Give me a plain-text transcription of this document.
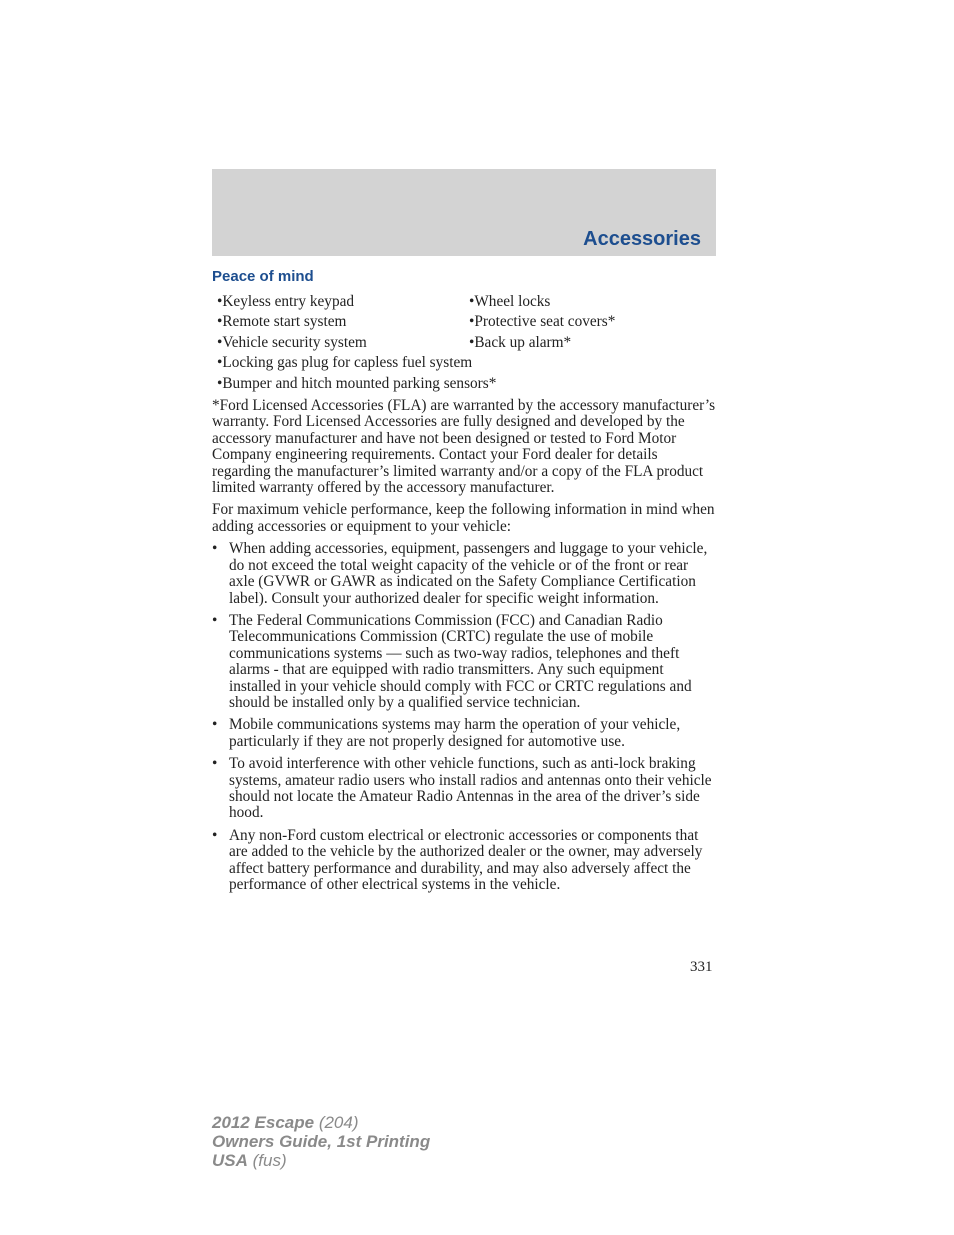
Accessories
Peace of mind
•Keyless entry keypad	•Wheel locks
•Remote start system	•Protective seat covers*
•Vehicle security system	•Back up alarm*
•Locking gas plug for capless fuel system
•Bumper and hitch mounted parking sensors*

*Ford Licensed Accessories (FLA) are warranted by the accessory manufacturer’s warranty. Ford Licensed Accessories are fully designed and developed by the accessory manufacturer and have not been designed or tested to Ford Motor Company engineering requirements. Contact your Ford dealer for details regarding the manufacturer’s limited warranty and/or a copy of the FLA product limited warranty offered by the accessory manufacturer.

For maximum vehicle performance, keep the following information in mind when adding accessories or equipment to your vehicle:

• When adding accessories, equipment, passengers and luggage to your vehicle, do not exceed the total weight capacity of the vehicle or of the front or rear axle (GVWR or GAWR as indicated on the Safety Compliance Certification label). Consult your authorized dealer for specific weight information.
• The Federal Communications Commission (FCC) and Canadian Radio Telecommunications Commission (CRTC) regulate the use of mobile communications systems — such as two-way radios, telephones and theft alarms - that are equipped with radio transmitters. Any such equipment installed in your vehicle should comply with FCC or CRTC regulations and should be installed only by a qualified service technician.
• Mobile communications systems may harm the operation of your vehicle, particularly if they are not properly designed for automotive use.
• To avoid interference with other vehicle functions, such as anti-lock braking systems, amateur radio users who install radios and antennas onto their vehicle should not locate the Amateur Radio Antennas in the area of the driver’s side hood.
• Any non-Ford custom electrical or electronic accessories or components that are added to the vehicle by the authorized dealer or the owner, may adversely affect battery performance and durability, and may also adversely affect the performance of other electrical systems in the vehicle.
331
2012 Escape (204)
Owners Guide, 1st Printing
USA (fus)
